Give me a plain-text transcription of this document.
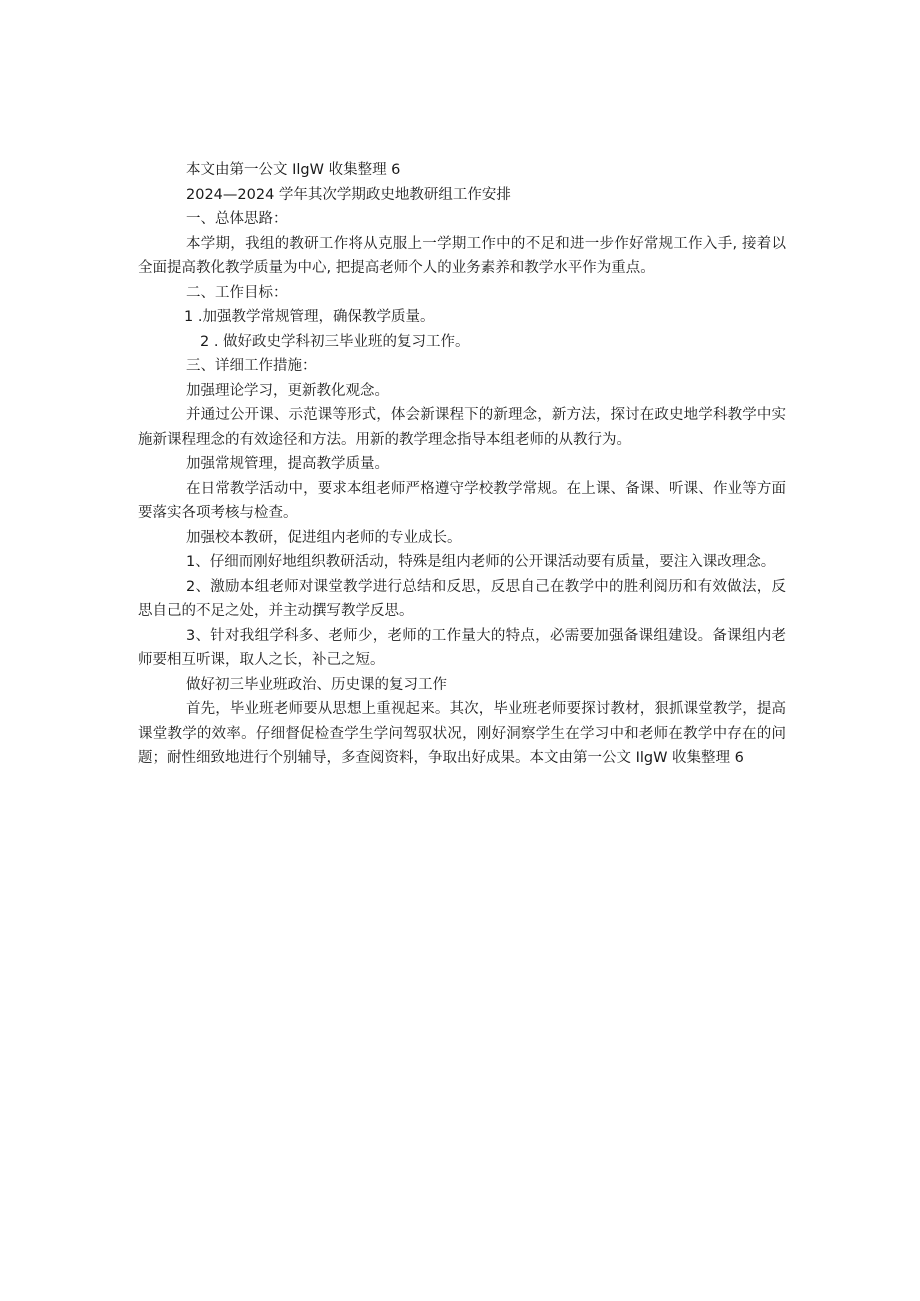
本文由第一公文 IlgW 收集整理 6

2024—2024 学年其次学期政史地教研组工作安排

一、总体思路：

本学期，我组的教研工作将从克服上一学期工作中的不足和进一步作好常规工作入手, 接着以全面提高教化教学质量为中心, 把提高老师个人的业务素养和教学水平作为重点。

二、工作目标：

1 .加强教学常规管理，确保教学质量。

2 . 做好政史学科初三毕业班的复习工作。

三、详细工作措施：

加强理论学习，更新教化观念。

并通过公开课、示范课等形式，体会新课程下的新理念，新方法，探讨在政史地学科教学中实施新课程理念的有效途径和方法。用新的教学理念指导本组老师的从教行为。

加强常规管理，提高教学质量。

在日常教学活动中，要求本组老师严格遵守学校教学常规。在上课、备课、听课、作业等方面要落实各项考核与检查。

加强校本教研，促进组内老师的专业成长。

1、仔细而刚好地组织教研活动，特殊是组内老师的公开课活动要有质量，要注入课改理念。

2、激励本组老师对课堂教学进行总结和反思，反思自己在教学中的胜利阅历和有效做法，反思自己的不足之处，并主动撰写教学反思。

3、针对我组学科多、老师少，老师的工作量大的特点，必需要加强备课组建设。备课组内老师要相互听课，取人之长，补己之短。

做好初三毕业班政治、历史课的复习工作

首先，毕业班老师要从思想上重视起来。其次，毕业班老师要探讨教材，狠抓课堂教学，提高课堂教学的效率。仔细督促检查学生学问驾驭状况，刚好洞察学生在学习中和老师在教学中存在的问题；耐性细致地进行个别辅导，多查阅资料，争取出好成果。本文由第一公文 IlgW 收集整理 6
